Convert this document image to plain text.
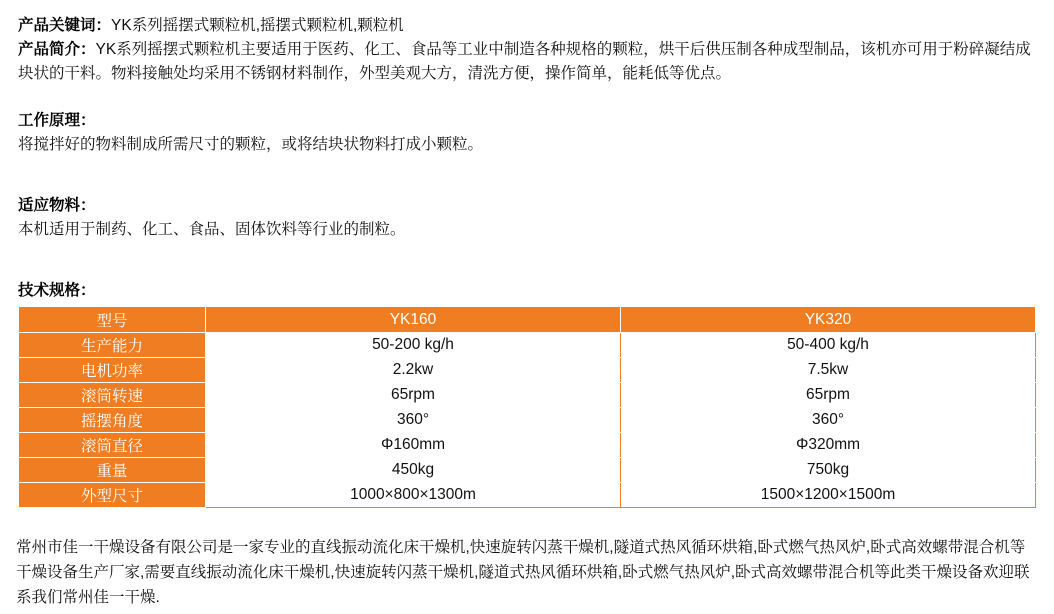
产品关键词：YK系列摇摆式颗粒机,摇摆式颗粒机,颗粒机
产品简介：YK系列摇摆式颗粒机主要适用于医药、化工、食品等工业中制造各种规格的颗粒，烘干后供压制各种成型制品，该机亦可用于粉碎凝结成块状的干料。物料接触处均采用不锈钢材料制作，外型美观大方，清洗方便，操作简单，能耗低等优点。
工作原理：
将搅拌好的物料制成所需尺寸的颗粒，或将结块状物料打成小颗粒。
适应物料：
本机适用于制药、化工、食品、固体饮料等行业的制粒。
技术规格：
型号	YK160	YK320
生产能力	50-200 kg/h	50-400 kg/h
电机功率	2.2kw	7.5kw
滚筒转速	65rpm	65rpm
摇摆角度	360°	360°
滚筒直径	Φ160mm	Φ320mm
重量	450kg	750kg
外型尺寸	1000×800×1300m	1500×1200×1500m
常州市佳一干燥设备有限公司是一家专业的直线振动流化床干燥机,快速旋转闪蒸干燥机,隧道式热风循环烘箱,卧式燃气热风炉,卧式高效螺带混合机等干燥设备生产厂家,需要直线振动流化床干燥机,快速旋转闪蒸干燥机,隧道式热风循环烘箱,卧式燃气热风炉,卧式高效螺带混合机等此类干燥设备欢迎联系我们常州佳一干燥.
